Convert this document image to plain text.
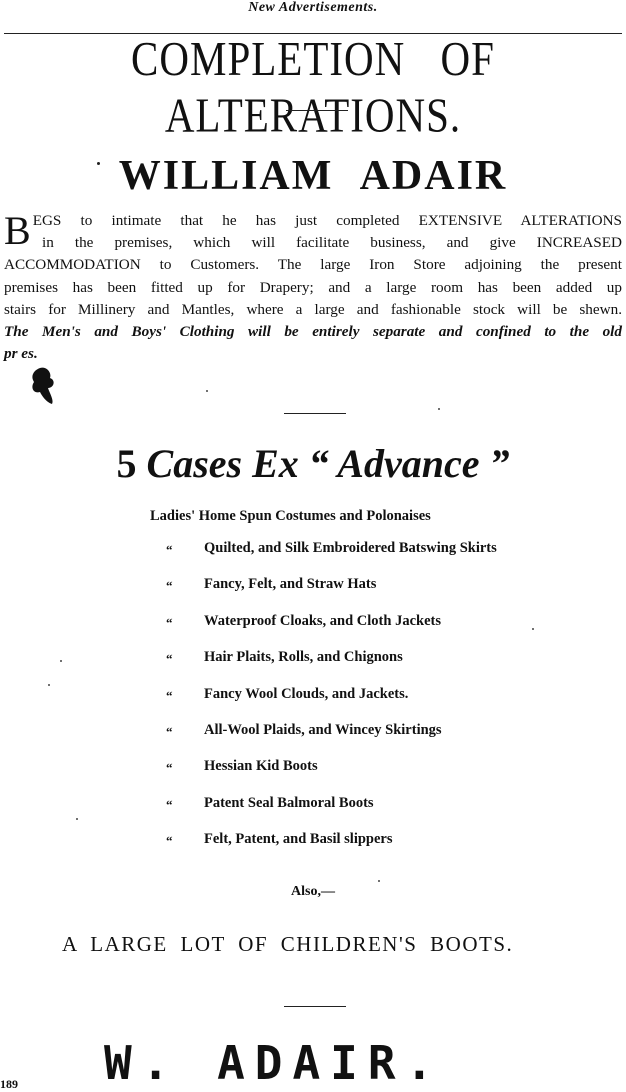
New Advertisements.
COMPLETION OF ALTERATIONS.
WILLIAM ADAIR
B EGS to intimate that he has just completed EXTENSIVE ALTERATIONS
in the premises, which will facilitate business, and give INCREASED
ACCOMMODATION to Customers. The large Iron Store adjoining the present
premises has been fitted up for Drapery; and a large room has been added up
stairs for Millinery and Mantles, where a large and fashionable stock will be shewn.
The Men's and Boys' Clothing will be entirely separate and confined to the old
pr es.
5 Cases Ex “ Advance ”
Ladies' Home Spun Costumes and Polonaises
“ Quilted, and Silk Embroidered Batswing Skirts
“ Fancy, Felt, and Straw Hats
“ Waterproof Cloaks, and Cloth Jackets
“ Hair Plaits, Rolls, and Chignons
“ Fancy Wool Clouds, and Jackets.
“ All-Wool Plaids, and Wincey Skirtings
“ Hessian Kid Boots
“ Patent Seal Balmoral Boots
“ Felt, Patent, and Basil slippers
Also,—
A LARGE LOT OF CHILDREN'S BOOTS.
W. ADAIR.
189
